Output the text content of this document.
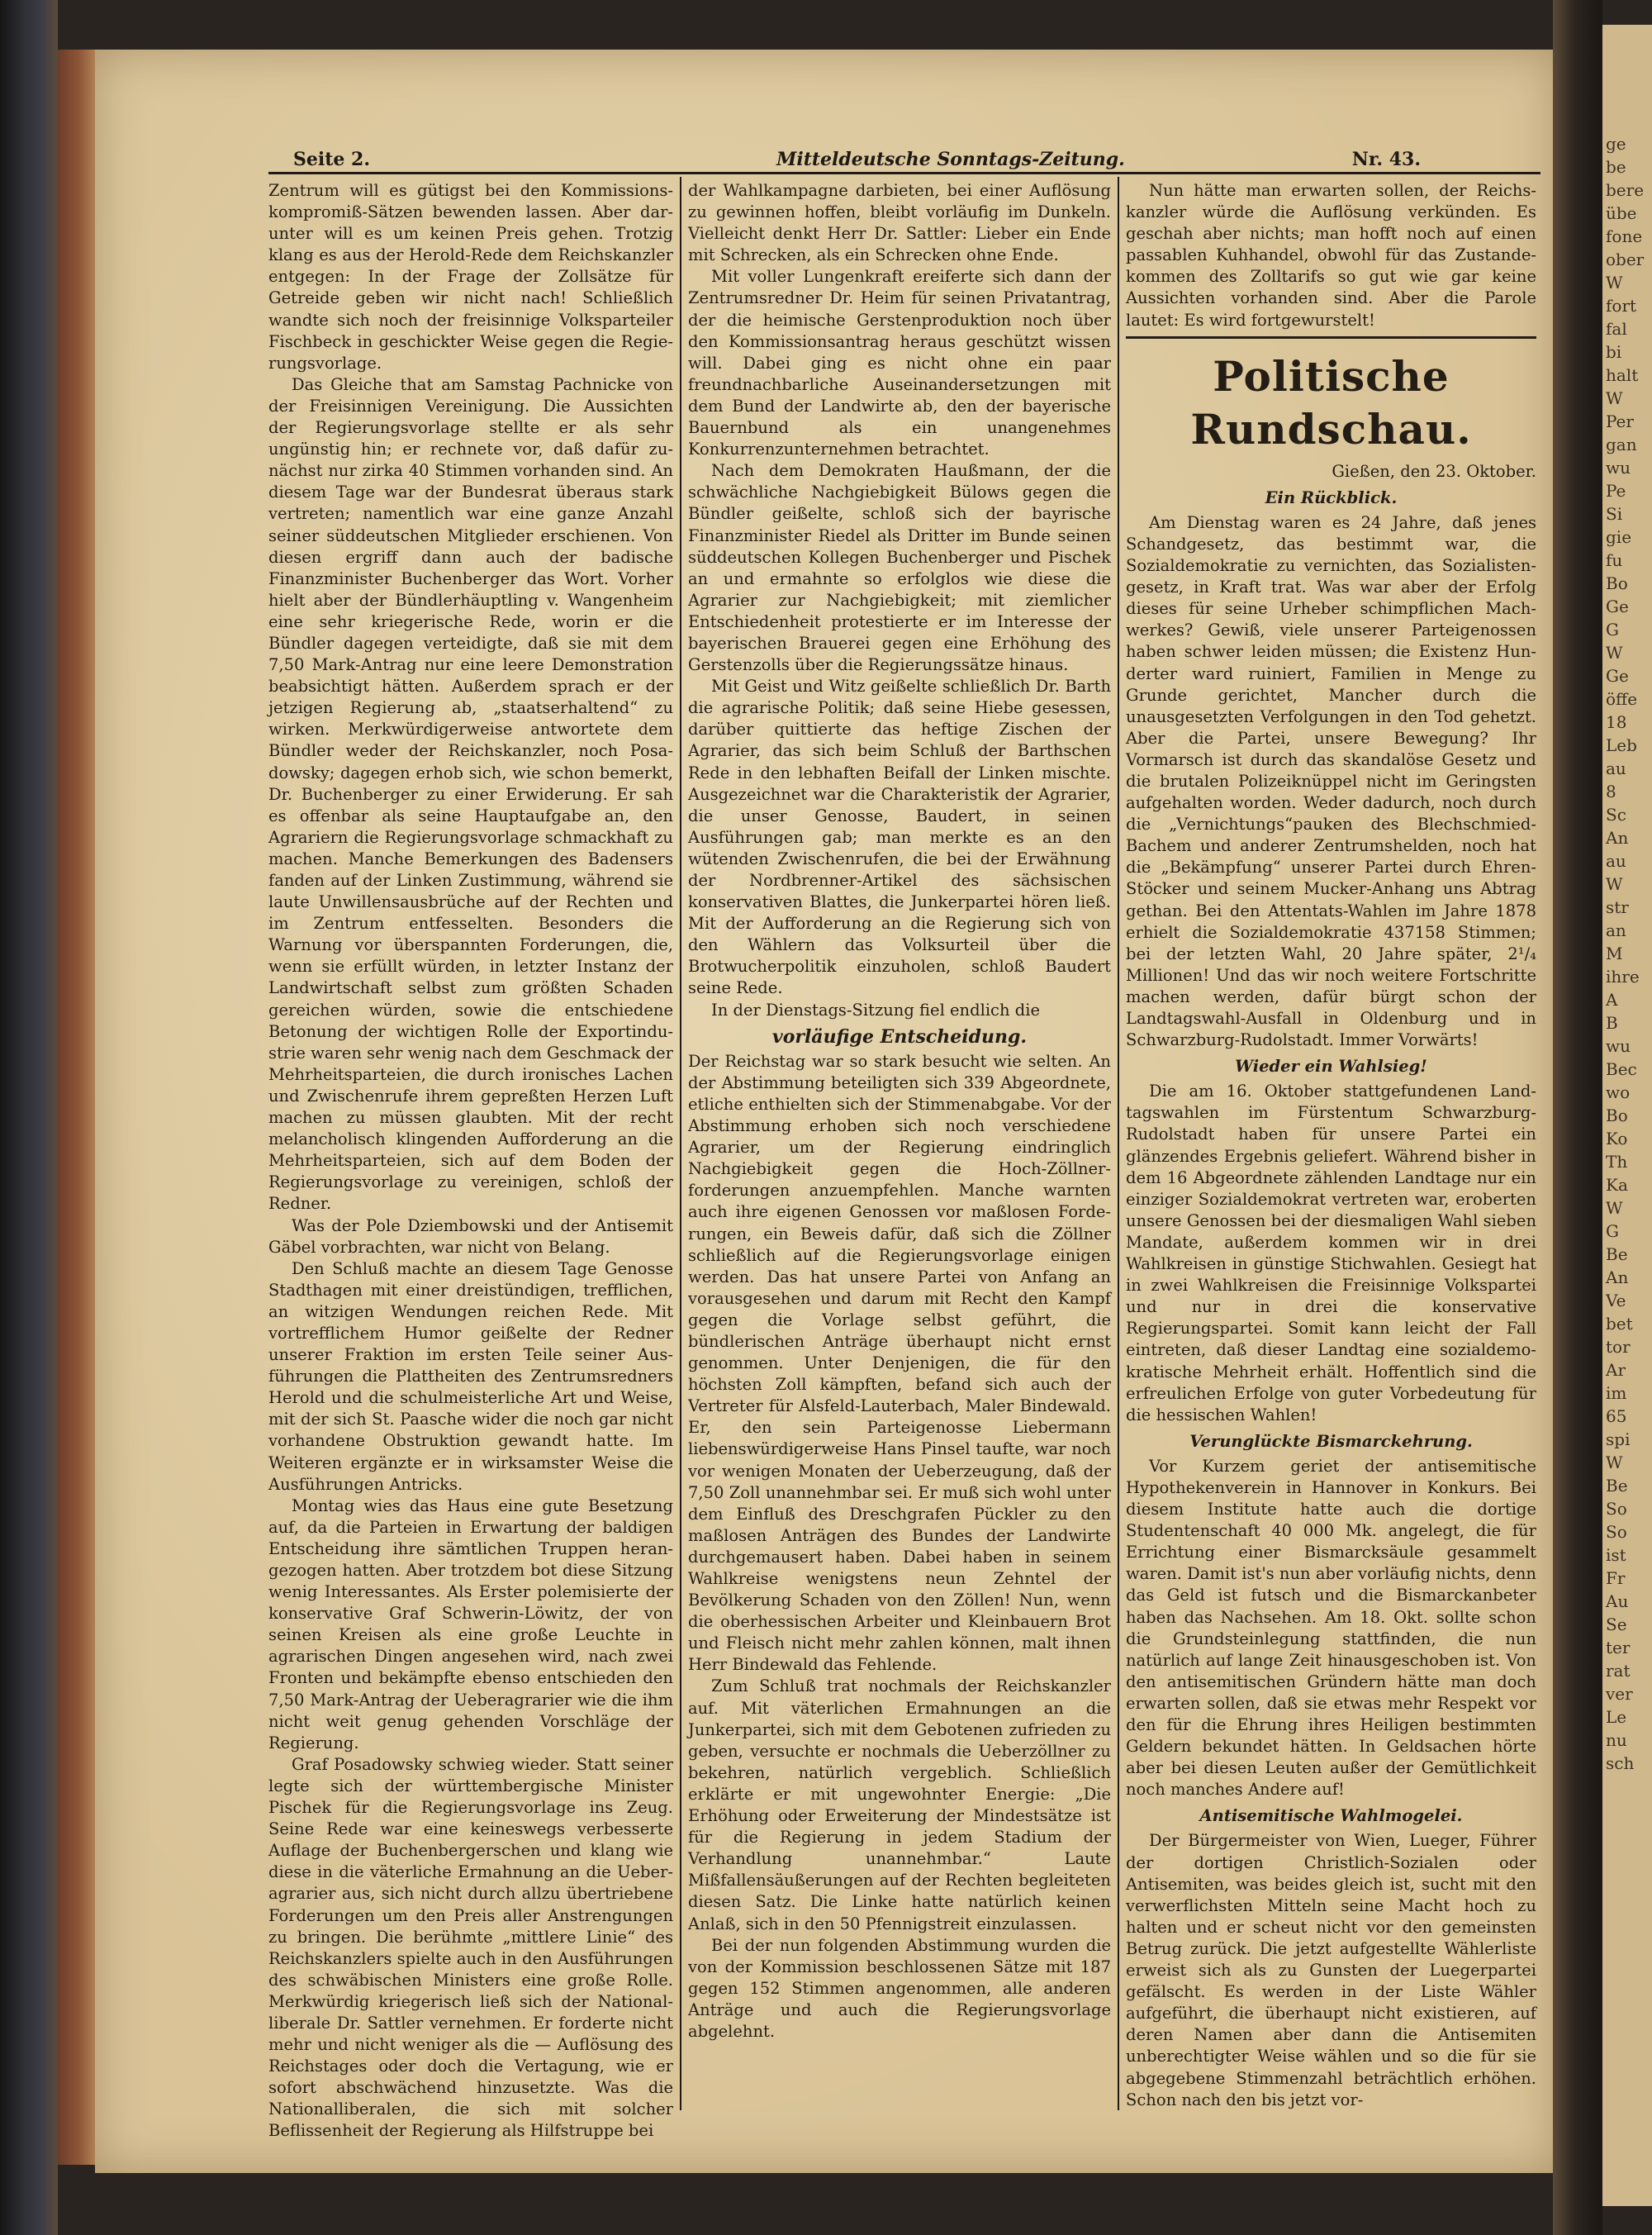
Seite 2.	Mitteldeutsche Sonntags-Zeitung.	Nr. 43.

Zentrum will es gütigst bei den Kommissionskompromiß-Sätzen bewenden lassen. Aber darunter will es um keinen Preis gehen. Trotzig klang es aus der Herold-Rede dem Reichskanzler entgegen: In der Frage der Zollsätze für Getreide geben wir nicht nach! Schließlich wandte sich noch der freisinnige Volksparteiler Fischbeck in geschickter Weise gegen die Regierungsvorlage.

Das Gleiche that am Samstag Pachnicke von der Freisinnigen Vereinigung. Die Aussichten der Regierungsvorlage stellte er als sehr ungünstig hin; er rechnete vor, daß dafür zunächst nur zirka 40 Stimmen vorhanden sind. An diesem Tage war der Bundesrat überaus stark vertreten; namentlich war eine ganze Anzahl seiner süddeutschen Mitglieder erschienen. Von diesen ergriff dann auch der badische Finanzminister Buchenberger das Wort. Vorher hielt aber der Bündlerhäuptling v. Wangenheim eine sehr kriegerische Rede, worin er die Bündler dagegen verteidigte, daß sie mit dem 7,50 Mark-Antrag nur eine leere Demonstration beabsichtigt hätten. Außerdem sprach er der jetzigen Regierung ab, „staatserhaltend“ zu wirken. Merkwürdigerweise antwortete dem Bündler weder der Reichskanzler, noch Posadowsky; dagegen erhob sich, wie schon bemerkt, Dr. Buchenberger zu einer Erwiderung. Er sah es offenbar als seine Hauptaufgabe an, den Agrariern die Regierungsvorlage schmackhaft zu machen. Manche Bemerkungen des Badensers fanden auf der Linken Zustimmung, während sie laute Unwillensausbrüche auf der Rechten und im Zentrum entfesselten. Besonders die Warnung vor überspannten Forderungen, die, wenn sie erfüllt würden, in letzter Instanz der Landwirtschaft selbst zum größten Schaden gereichen würden, sowie die entschiedene Betonung der wichtigen Rolle der Exportindustrie waren sehr wenig nach dem Geschmack der Mehrheitsparteien, die durch ironisches Lachen und Zwischenrufe ihrem gepreßten Herzen Luft machen zu müssen glaubten. Mit der recht melancholisch klingenden Aufforderung an die Mehrheitsparteien, sich auf dem Boden der Regierungsvorlage zu vereinigen, schloß der Redner.

Was der Pole Dziembowski und der Antisemit Gäbel vorbrachten, war nicht von Belang.

Den Schluß machte an diesem Tage Genosse Stadthagen mit einer dreistündigen, trefflichen, an witzigen Wendungen reichen Rede. Mit vortrefflichem Humor geißelte der Redner unserer Fraktion im ersten Teile seiner Ausführungen die Plattheiten des Zentrumsredners Herold und die schulmeisterliche Art und Weise, mit der sich St. Paasche wider die noch gar nicht vorhandene Obstruktion gewandt hatte. Im Weiteren ergänzte er in wirksamster Weise die Ausführungen Antricks.

Montag wies das Haus eine gute Besetzung auf, da die Parteien in Erwartung der baldigen Entscheidung ihre sämtlichen Truppen herangezogen hatten. Aber trotzdem bot diese Sitzung wenig Interessantes. Als Erster polemisierte der konservative Graf Schwerin-Löwitz, der von seinen Kreisen als eine große Leuchte in agrarischen Dingen angesehen wird, nach zwei Fronten und bekämpfte ebenso entschieden den 7,50 Mark-Antrag der Ueberagrarier wie die ihm nicht weit genug gehenden Vorschläge der Regierung.

Graf Posadowsky schwieg wieder. Statt seiner legte sich der württembergische Minister Pischek für die Regierungsvorlage ins Zeug. Seine Rede war eine keineswegs verbesserte Auflage der Buchenbergerschen und klang wie diese in die väterliche Ermahnung an die Ueberagrarier aus, sich nicht durch allzu übertriebene Forderungen um den Preis aller Anstrengungen zu bringen. Die berühmte „mittlere Linie“ des Reichskanzlers spielte auch in den Ausführungen des schwäbischen Ministers eine große Rolle. Merkwürdig kriegerisch ließ sich der Nationalliberale Dr. Sattler vernehmen. Er forderte nicht mehr und nicht weniger als die — Auflösung des Reichstages oder doch die Vertagung, wie er sofort abschwächend hinzusetzte. Was die Nationalliberalen, die sich mit solcher Beflissenheit der Regierung als Hilfstruppe bei

der Wahlkampagne darbieten, bei einer Auflösung zu gewinnen hoffen, bleibt vorläufig im Dunkeln. Vielleicht denkt Herr Dr. Sattler: Lieber ein Ende mit Schrecken, als ein Schrecken ohne Ende.

Mit voller Lungenkraft ereiferte sich dann der Zentrumsredner Dr. Heim für seinen Privatantrag, der die heimische Gerstenproduktion noch über den Kommissionsantrag heraus geschützt wissen will. Dabei ging es nicht ohne ein paar freundnachbarliche Auseinandersetzungen mit dem Bund der Landwirte ab, den der bayerische Bauernbund als ein unangenehmes Konkurrenzunternehmen betrachtet.

Nach dem Demokraten Haußmann, der die schwächliche Nachgiebigkeit Bülows gegen die Bündler geißelte, schloß sich der bayrische Finanzminister Riedel als Dritter im Bunde seinen süddeutschen Kollegen Buchenberger und Pischek an und ermahnte so erfolglos wie diese die Agrarier zur Nachgiebigkeit; mit ziemlicher Entschiedenheit protestierte er im Interesse der bayerischen Brauerei gegen eine Erhöhung des Gerstenzolls über die Regierungssätze hinaus.

Mit Geist und Witz geißelte schließlich Dr. Barth die agrarische Politik; daß seine Hiebe gesessen, darüber quittierte das heftige Zischen der Agrarier, das sich beim Schluß der Barthschen Rede in den lebhaften Beifall der Linken mischte. Ausgezeichnet war die Charakteristik der Agrarier, die unser Genosse, Baudert, in seinen Ausführungen gab; man merkte es an den wütenden Zwischenrufen, die bei der Erwähnung der Nordbrenner-Artikel des sächsischen konservativen Blattes, die Junkerpartei hören ließ. Mit der Aufforderung an die Regierung sich von den Wählern das Volksurteil über die Brotwucherpolitik einzuholen, schloß Baudert seine Rede.

In der Dienstags-Sitzung fiel endlich die

vorläufige Entscheidung.

Der Reichstag war so stark besucht wie selten. An der Abstimmung beteiligten sich 339 Abgeordnete, etliche enthielten sich der Stimmenabgabe. Vor der Abstimmung erhoben sich noch verschiedene Agrarier, um der Regierung eindringlich Nachgiebigkeit gegen die Hoch-Zöllnerforderungen anzuempfehlen. Manche warnten auch ihre eigenen Genossen vor maßlosen Forderungen, ein Beweis dafür, daß sich die Zöllner schließlich auf die Regierungsvorlage einigen werden. Das hat unsere Partei von Anfang an vorausgesehen und darum mit Recht den Kampf gegen die Vorlage selbst geführt, die bündlerischen Anträge überhaupt nicht ernst genommen. Unter Denjenigen, die für den höchsten Zoll kämpften, befand sich auch der Vertreter für Alsfeld-Lauterbach, Maler Bindewald. Er, den sein Parteigenosse Liebermann liebenswürdigerweise Hans Pinsel taufte, war noch vor wenigen Monaten der Ueberzeugung, daß der 7,50 Zoll unannehmbar sei. Er muß sich wohl unter dem Einfluß des Dreschgrafen Pückler zu den maßlosen Anträgen des Bundes der Landwirte durchgemausert haben. Dabei haben in seinem Wahlkreise wenigstens neun Zehntel der Bevölkerung Schaden von den Zöllen! Nun, wenn die oberhessischen Arbeiter und Kleinbauern Brot und Fleisch nicht mehr zahlen können, malt ihnen Herr Bindewald das Fehlende.

Zum Schluß trat nochmals der Reichskanzler auf. Mit väterlichen Ermahnungen an die Junkerpartei, sich mit dem Gebotenen zufrieden zu geben, versuchte er nochmals die Ueberzöllner zu bekehren, natürlich vergeblich. Schließlich erklärte er mit ungewohnter Energie: „Die Erhöhung oder Erweiterung der Mindestsätze ist für die Regierung in jedem Stadium der Verhandlung unannehmbar.“ Laute Mißfallensäußerungen auf der Rechten begleiteten diesen Satz. Die Linke hatte natürlich keinen Anlaß, sich in den 50 Pfennigstreit einzulassen.

Bei der nun folgenden Abstimmung wurden die von der Kommission beschlossenen Sätze mit 187 gegen 152 Stimmen angenommen, alle anderen Anträge und auch die Regierungsvorlage abgelehnt.

Nun hätte man erwarten sollen, der Reichskanzler würde die Auflösung verkünden. Es geschah aber nichts; man hofft noch auf einen passablen Kuhhandel, obwohl für das Zustandekommen des Zolltarifs so gut wie gar keine Aussichten vorhanden sind. Aber die Parole lautet: Es wird fortgewurstelt!

Politische Rundschau.

Gießen, den 23. Oktober.

Ein Rückblick.

Am Dienstag waren es 24 Jahre, daß jenes Schandgesetz, das bestimmt war, die Sozialdemokratie zu vernichten, das Sozialistengesetz, in Kraft trat. Was war aber der Erfolg dieses für seine Urheber schimpflichen Machwerkes? Gewiß, viele unserer Parteigenossen haben schwer leiden müssen; die Existenz Hunderter ward ruiniert, Familien in Menge zu Grunde gerichtet, Mancher durch die unausgesetzten Verfolgungen in den Tod gehetzt. Aber die Partei, unsere Bewegung? Ihr Vormarsch ist durch das skandalöse Gesetz und die brutalen Polizeiknüppel nicht im Geringsten aufgehalten worden. Weder dadurch, noch durch die „Vernichtungs“pauken des Blechschmied-Bachem und anderer Zentrumshelden, noch hat die „Bekämpfung“ unserer Partei durch Ehren-Stöcker und seinem Mucker-Anhang uns Abtrag gethan. Bei den Attentats-Wahlen im Jahre 1878 erhielt die Sozialdemokratie 437158 Stimmen; bei der letzten Wahl, 20 Jahre später, 2¹/₄ Millionen! Und das wir noch weitere Fortschritte machen werden, dafür bürgt schon der Landtagswahl-Ausfall in Oldenburg und in Schwarzburg-Rudolstadt. Immer Vorwärts!

Wieder ein Wahlsieg!

Die am 16. Oktober stattgefundenen Landtagswahlen im Fürstentum Schwarzburg-Rudolstadt haben für unsere Partei ein glänzendes Ergebnis geliefert. Während bisher in dem 16 Abgeordnete zählenden Landtage nur ein einziger Sozialdemokrat vertreten war, eroberten unsere Genossen bei der diesmaligen Wahl sieben Mandate, außerdem kommen wir in drei Wahlkreisen in günstige Stichwahlen. Gesiegt hat in zwei Wahlkreisen die Freisinnige Volkspartei und nur in drei die konservative Regierungspartei. Somit kann leicht der Fall eintreten, daß dieser Landtag eine sozialdemokratische Mehrheit erhält. Hoffentlich sind die erfreulichen Erfolge von guter Vorbedeutung für die hessischen Wahlen!

Verunglückte Bismarckehrung.

Vor Kurzem geriet der antisemitische Hypothekenverein in Hannover in Konkurs. Bei diesem Institute hatte auch die dortige Studentenschaft 40 000 Mk. angelegt, die für Errichtung einer Bismarcksäule gesammelt waren. Damit ist's nun aber vorläufig nichts, denn das Geld ist futsch und die Bismarckanbeter haben das Nachsehen. Am 18. Okt. sollte schon die Grundsteinlegung stattfinden, die nun natürlich auf lange Zeit hinausgeschoben ist. Von den antisemitischen Gründern hätte man doch erwarten sollen, daß sie etwas mehr Respekt vor den für die Ehrung ihres Heiligen bestimmten Geldern bekundet hätten. In Geldsachen hörte aber bei diesen Leuten außer der Gemütlichkeit noch manches Andere auf!

Antisemitische Wahlmogelei.

Der Bürgermeister von Wien, Lueger, Führer der dortigen Christlich-Sozialen oder Antisemiten, was beides gleich ist, sucht mit den verwerflichsten Mitteln seine Macht hoch zu halten und er scheut nicht vor den gemeinsten Betrug zurück. Die jetzt aufgestellte Wählerliste erweist sich als zu Gunsten der Luegerpartei gefälscht. Es werden in der Liste Wähler aufgeführt, die überhaupt nicht existieren, auf deren Namen aber dann die Antisemiten unberechtigter Weise wählen und so die für sie abgegebene Stimmenzahl beträchtlich erhöhen. Schon nach den bis jetzt vor-

ge
be
bere
übe
fone
ober
W
fort
fal
bi
halt
W
Per
gan
wu
Pe
Si
gie
fu
Bo
Ge
G
W
Ge
öffe
18
Leb
au
8
Sc
An
au
W
str
an
M
ihre
A
B
wu
Bec
wo
Bo
Ko
Th
Ka
W
G
Be
An
Ve
bet
tor
Ar
im
65
spi
W
Be
So
So
ist
Fr
Au
Se
ter
rat
ver
Le
nu
sch
